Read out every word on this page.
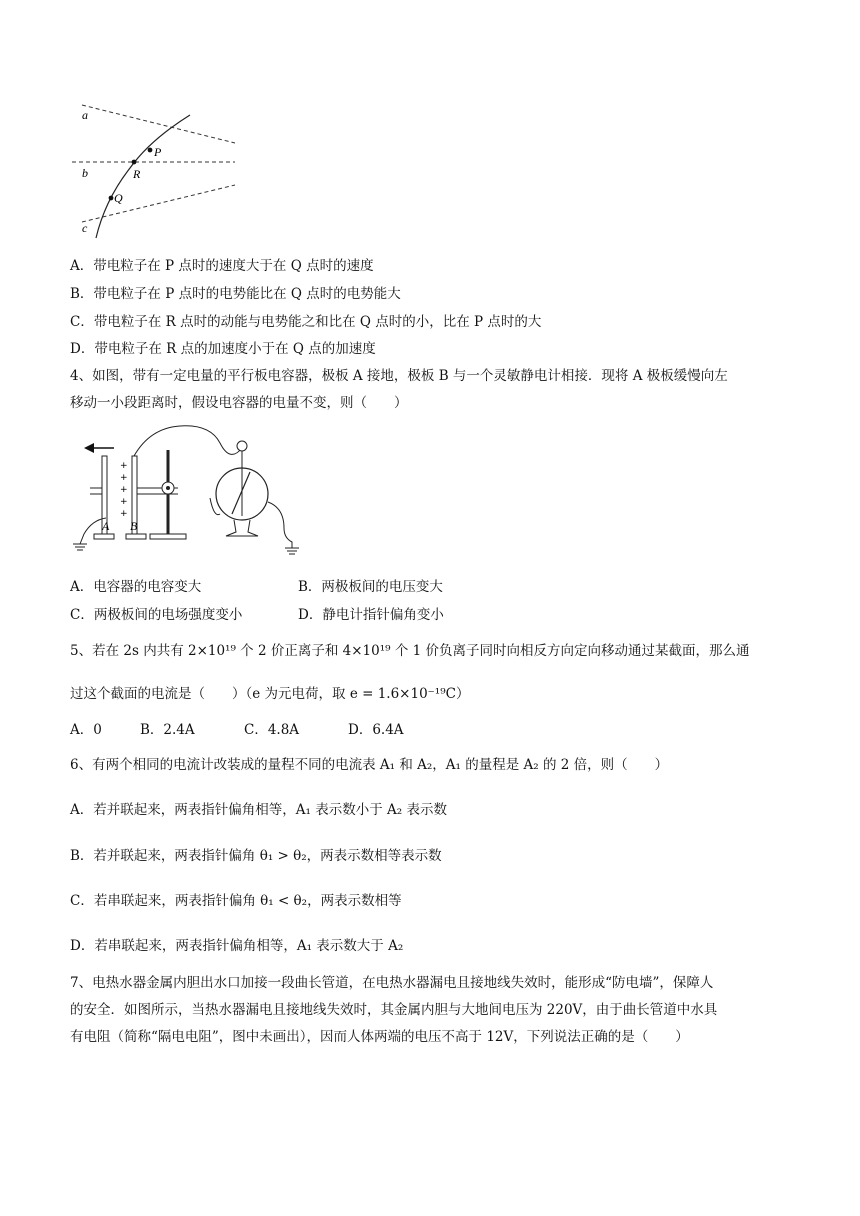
a
b
c
P
R
Q
A．带电粒子在 P 点时的速度大于在 Q 点时的速度
B．带电粒子在 P 点时的电势能比在 Q 点时的电势能大
C．带电粒子在 R 点时的动能与电势能之和比在 Q 点时的小，比在 P 点时的大
D．带电粒子在 R 点的加速度小于在 Q 点的加速度
4、如图，带有一定电量的平行板电容器，极板 A 接地，极板 B 与一个灵敏静电计相接．现将 A 极板缓慢向左
移动一小段距离时，假设电容器的电量不变，则（　　）
+
+
+
+
+
A B
A．电容器的电容变大	B．两极板间的电压变大
C．两极板间的电场强度变小	D．静电计指针偏角变小
5、若在 2s 内共有 2×10¹⁹ 个 2 价正离子和 4×10¹⁹ 个 1 价负离子同时向相反方向定向移动通过某截面，那么通
过这个截面的电流是（　　）（e 为元电荷，取 e = 1.6×10⁻¹⁹C）
A．0	B．2.4A	C．4.8A	D．6.4A
6、有两个相同的电流计改装成的量程不同的电流表 A₁ 和 A₂，A₁ 的量程是 A₂ 的 2 倍，则（　　）
A．若并联起来，两表指针偏角相等，A₁ 表示数小于 A₂ 表示数
B．若并联起来，两表指针偏角 θ₁ > θ₂，两表示数相等表示数
C．若串联起来，两表指针偏角 θ₁ < θ₂，两表示数相等
D．若串联起来，两表指针偏角相等，A₁ 表示数大于 A₂
7、电热水器金属内胆出水口加接一段曲长管道，在电热水器漏电且接地线失效时，能形成“防电墙”，保障人
的安全．如图所示，当热水器漏电且接地线失效时，其金属内胆与大地间电压为 220V，由于曲长管道中水具
有电阻（简称“隔电电阻”，图中未画出），因而人体两端的电压不高于 12V，下列说法正确的是（　　）
